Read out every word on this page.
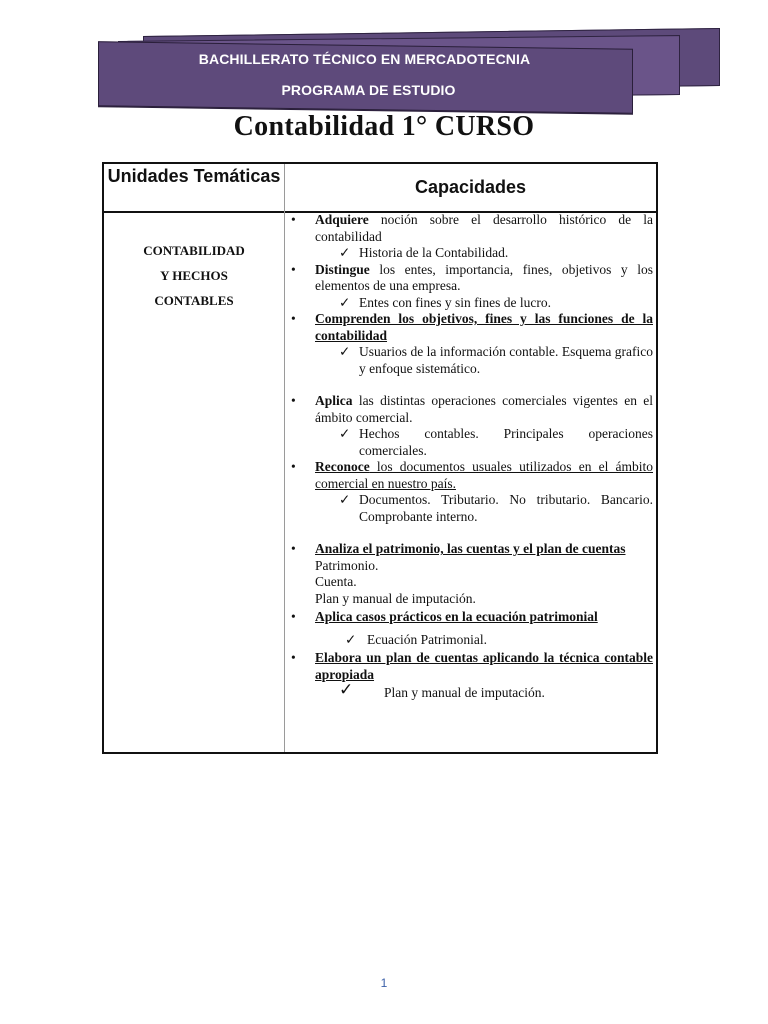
BACHILLERATO TÉCNICO EN MERCADOTECNIA
PROGRAMA DE ESTUDIO
Contabilidad 1° CURSO
Unidades Temáticas
Capacidades
CONTABILIDAD
Y HECHOS
CONTABLES
• Adquiere noción sobre el desarrollo histórico de la contabilidad
✓ Historia de la Contabilidad.
• Distingue los entes, importancia, fines, objetivos y los elementos de una empresa.
✓ Entes con fines y sin fines de lucro.
• Comprenden los objetivos, fines y las funciones de la contabilidad
✓ Usuarios de la información contable. Esquema grafico y enfoque sistemático.
• Aplica las distintas operaciones comerciales vigentes en el ámbito comercial.
✓ Hechos contables. Principales operaciones comerciales.
• Reconoce los documentos usuales utilizados en el ámbito comercial en nuestro país.
✓ Documentos. Tributario. No tributario. Bancario. Comprobante interno.
• Analiza el patrimonio, las cuentas y el plan de cuentas
Patrimonio.
Cuenta.
Plan y manual de imputación.
• Aplica casos prácticos en la ecuación patrimonial
✓ Ecuación Patrimonial.
• Elabora un plan de cuentas aplicando la técnica contable apropiada
✓ Plan y manual de imputación.
1
